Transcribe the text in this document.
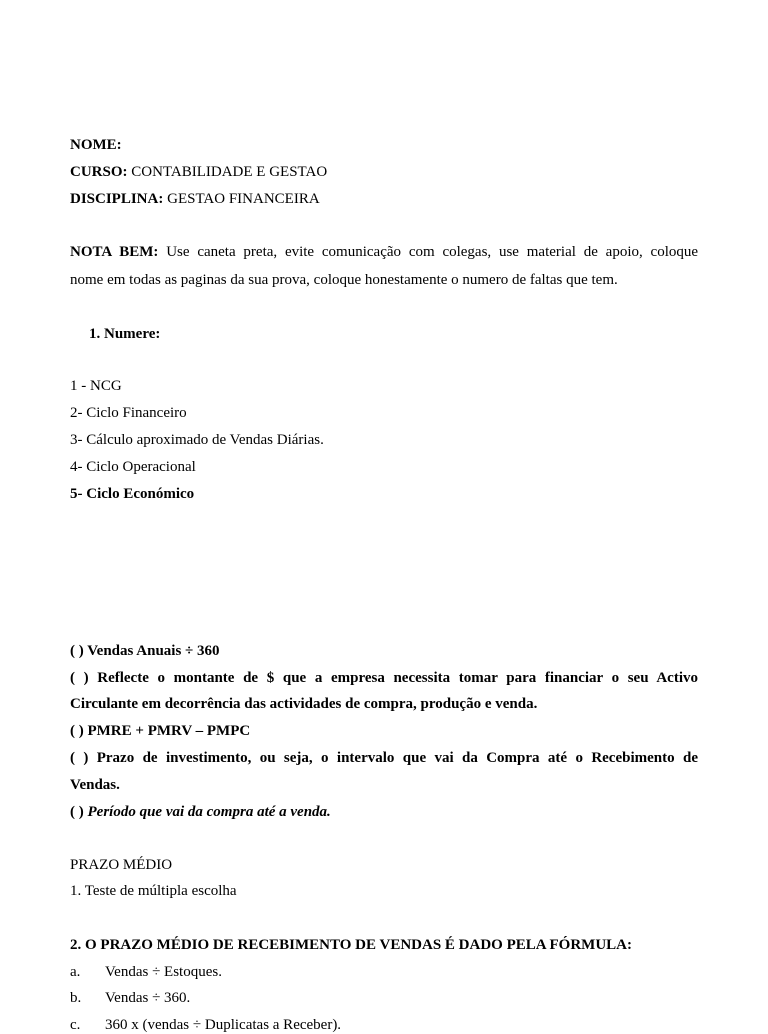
NOME:
CURSO: CONTABILIDADE E GESTAO
DISCIPLINA: GESTAO FINANCEIRA
NOTA BEM: Use caneta preta, evite comunicação com colegas, use material de apoio, coloque
nome em todas as paginas da sua prova, coloque honestamente o numero de faltas que tem.
1. Numere:
1 - NCG
2- Ciclo Financeiro
3- Cálculo aproximado de Vendas Diárias.
4- Ciclo Operacional
5- Ciclo Económico
( ) Vendas Anuais ÷ 360
( ) Reflecte o montante de $ que a empresa necessita tomar para financiar o seu Activo
Circulante em decorrência das actividades de compra, produção e venda.
( ) PMRE + PMRV – PMPC
( ) Prazo de investimento, ou seja, o intervalo que vai da Compra até o Recebimento de
Vendas.
( ) Período que vai da compra até a venda.
PRAZO MÉDIO
1. Teste de múltipla escolha
2. O PRAZO MÉDIO DE RECEBIMENTO DE VENDAS É DADO PELA FÓRMULA:
a. Vendas ÷ Estoques.
b. Vendas ÷ 360.
c. 360 x (vendas ÷ Duplicatas a Receber).
